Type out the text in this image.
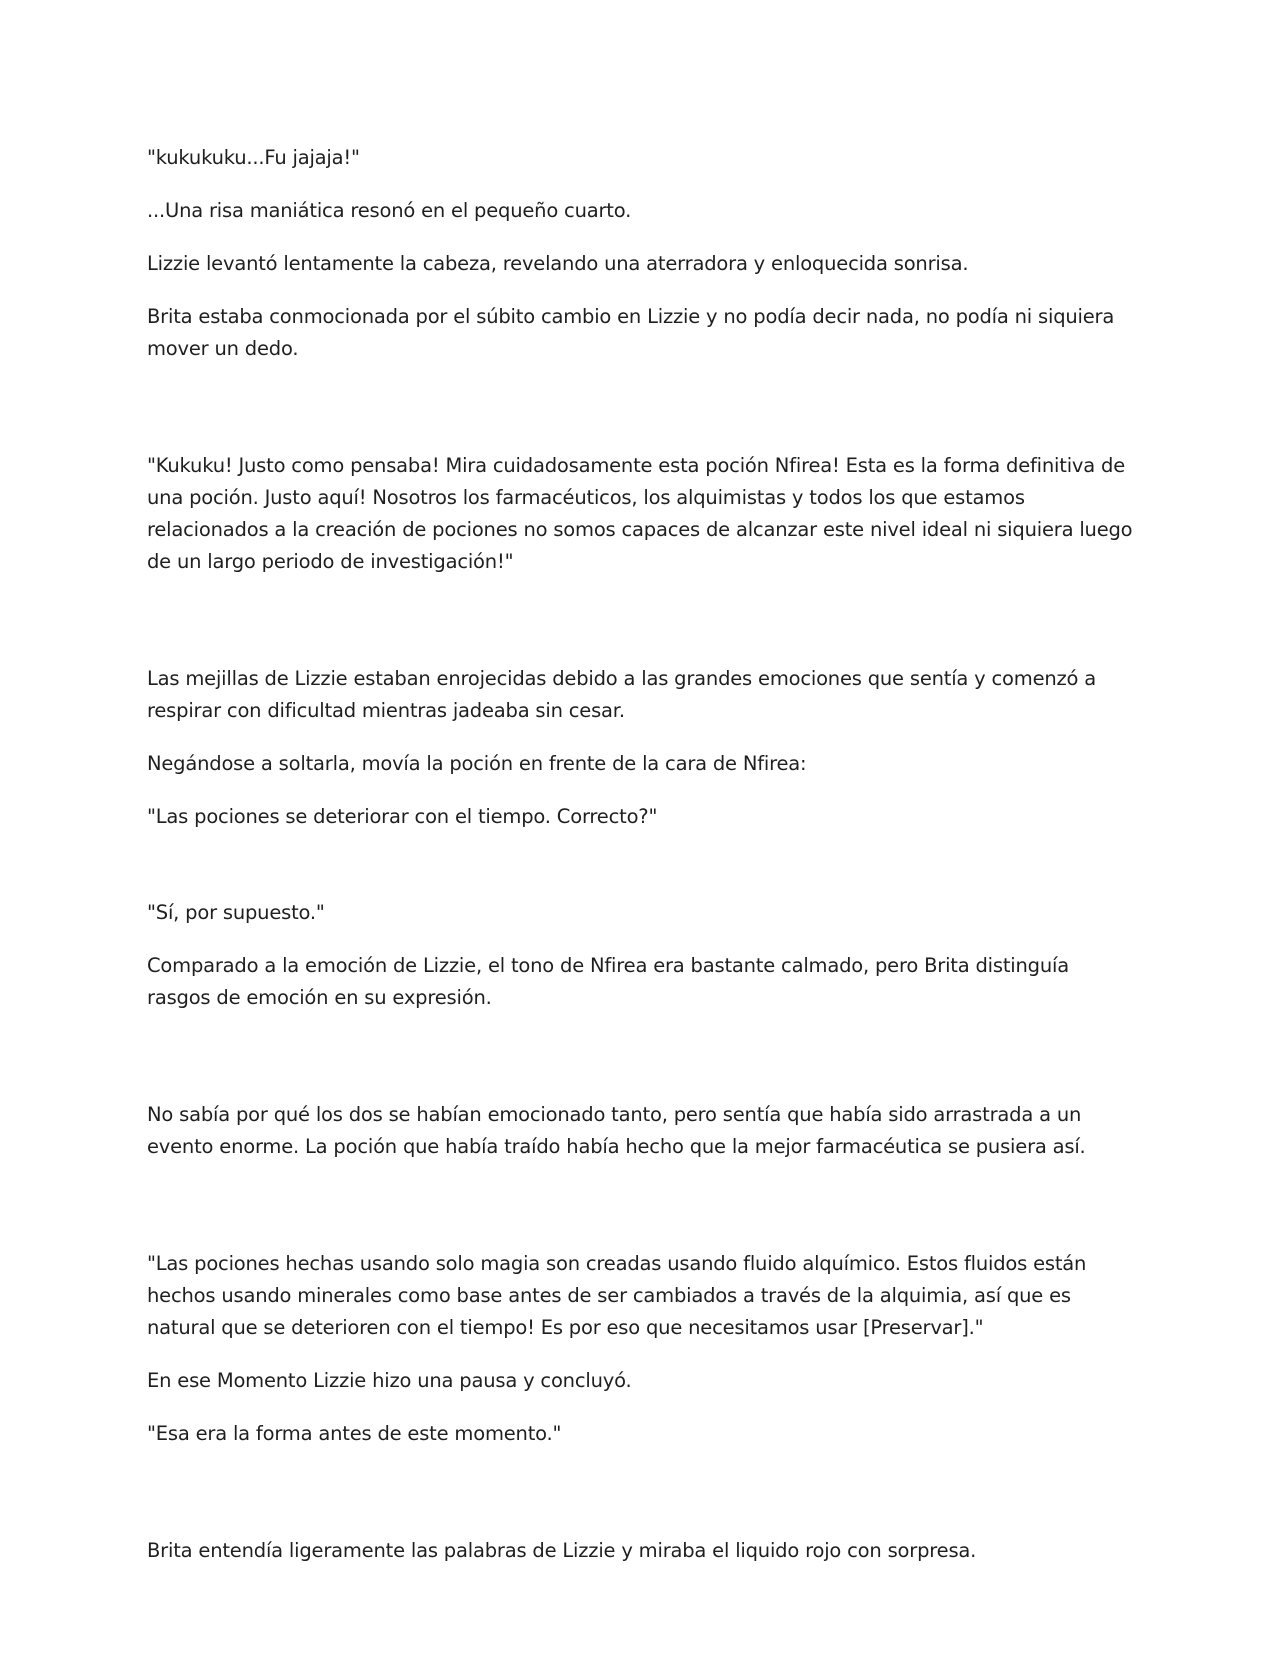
"kukukuku...Fu jajaja!"

...Una risa maniática resonó en el pequeño cuarto.

Lizzie levantó lentamente la cabeza, revelando una aterradora y enloquecida sonrisa.

Brita estaba conmocionada por el súbito cambio en Lizzie y no podía decir nada, no podía ni siquiera mover un dedo.

"Kukuku! Justo como pensaba! Mira cuidadosamente esta poción Nfirea! Esta es la forma definitiva de una poción. Justo aquí! Nosotros los farmacéuticos, los alquimistas y todos los que estamos relacionados a la creación de pociones no somos capaces de alcanzar este nivel ideal ni siquiera luego de un largo periodo de investigación!"

Las mejillas de Lizzie estaban enrojecidas debido a las grandes emociones que sentía y comenzó a respirar con dificultad mientras jadeaba sin cesar.

Negándose a soltarla, movía la poción en frente de la cara de Nfirea:

"Las pociones se deteriorar con el tiempo. Correcto?"

"Sí, por supuesto."

Comparado a la emoción de Lizzie, el tono de Nfirea era bastante calmado, pero Brita distinguía rasgos de emoción en su expresión.

No sabía por qué los dos se habían emocionado tanto, pero sentía que había sido arrastrada a un evento enorme. La poción que había traído había hecho que la mejor farmacéutica se pusiera así.

"Las pociones hechas usando solo magia son creadas usando fluido alquímico. Estos fluidos están hechos usando minerales como base antes de ser cambiados a través de la alquimia, así que es natural que se deterioren con el tiempo! Es por eso que necesitamos usar [Preservar]."

En ese Momento Lizzie hizo una pausa y concluyó.

"Esa era la forma antes de este momento."

Brita entendía ligeramente las palabras de Lizzie y miraba el liquido rojo con sorpresa.
